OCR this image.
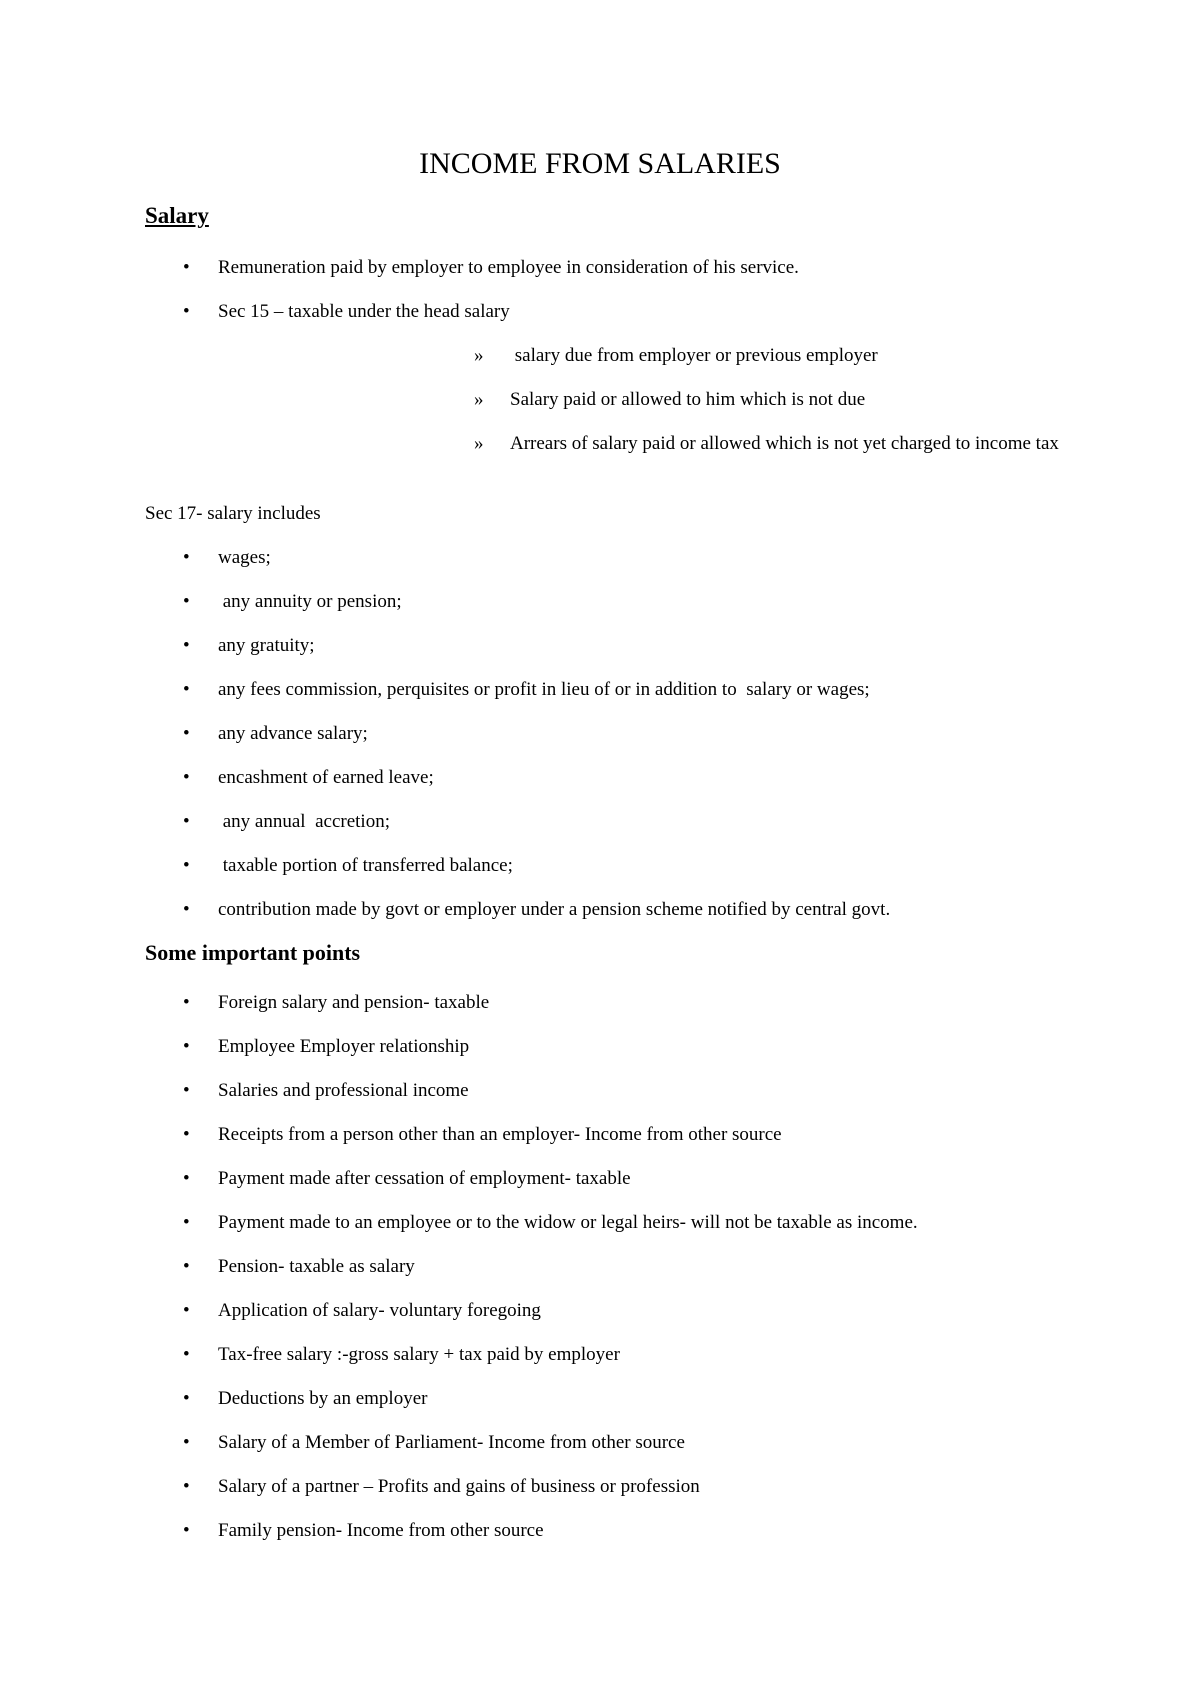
INCOME FROM SALARIES
Salary
• Remuneration paid by employer to employee in consideration of his service.
• Sec 15 – taxable under the head salary
» salary due from employer or previous employer
» Salary paid or allowed to him which is not due
» Arrears of salary paid or allowed which is not yet charged to income tax

Sec 17- salary includes

• wages;
• any annuity or pension;
• any gratuity;
• any fees commission, perquisites or profit in lieu of or in addition to  salary or wages;
• any advance salary;
• encashment of earned leave;
• any annual  accretion;
• taxable portion of transferred balance;
• contribution made by govt or employer under a pension scheme notified by central govt.
Some important points
• Foreign salary and pension- taxable
• Employee Employer relationship
• Salaries and professional income
• Receipts from a person other than an employer- Income from other source
• Payment made after cessation of employment- taxable
• Payment made to an employee or to the widow or legal heirs- will not be taxable as income.
• Pension- taxable as salary
• Application of salary- voluntary foregoing
• Tax-free salary :-gross salary + tax paid by employer
• Deductions by an employer
• Salary of a Member of Parliament- Income from other source
• Salary of a partner – Profits and gains of business or profession
• Family pension- Income from other source
